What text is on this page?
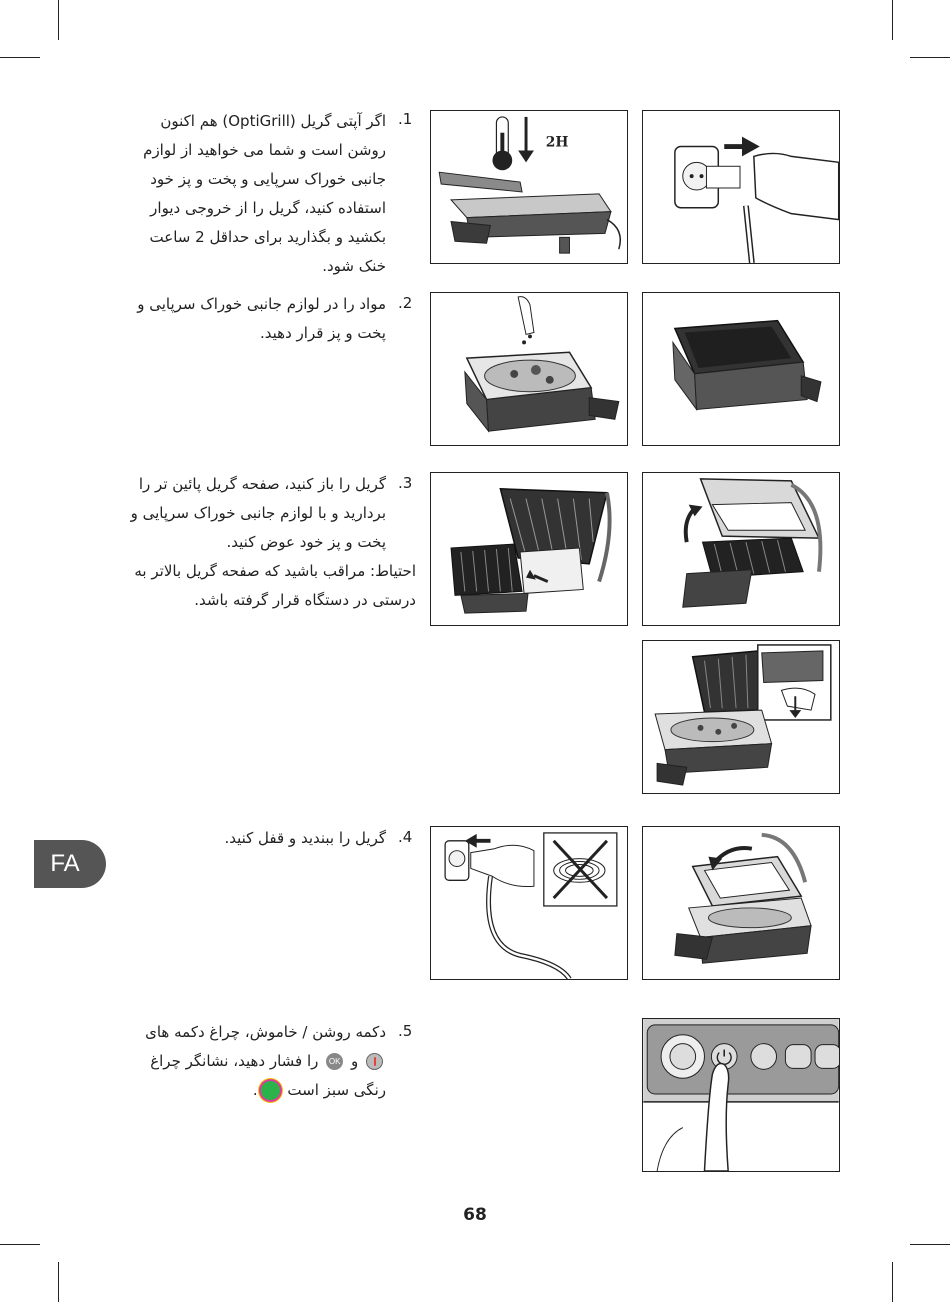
.1
اگر آپتی گریل (OptiGrill) هم اکنون
روشن است و شما می خواهید از لوازم
جانبی خوراک سرپایی و پخت و پز خود
استفاده کنید، گریل را از خروجی دیوار
بکشید و بگذارید برای حداقل 2 ساعت
خنک شود.
2H
.2
مواد را در لوازم جانبی خوراک سرپایی و
پخت و پز قرار دهید.
.3
گریل را باز کنید، صفحه گریل پائین تر را
بردارید و با لوازم جانبی خوراک سرپایی و
پخت و پز خود عوض کنید.
احتیاط: مراقب باشید که صفحه گریل بالاتر به
درستی در دستگاه قرار گرفته باشد.
.4
گریل را ببندید و قفل کنید.
.5
دکمه روشن / خاموش، چراغ دکمه های
و OK را فشار دهید، نشانگر چراغ
رنگی سبز است .
FA
68
